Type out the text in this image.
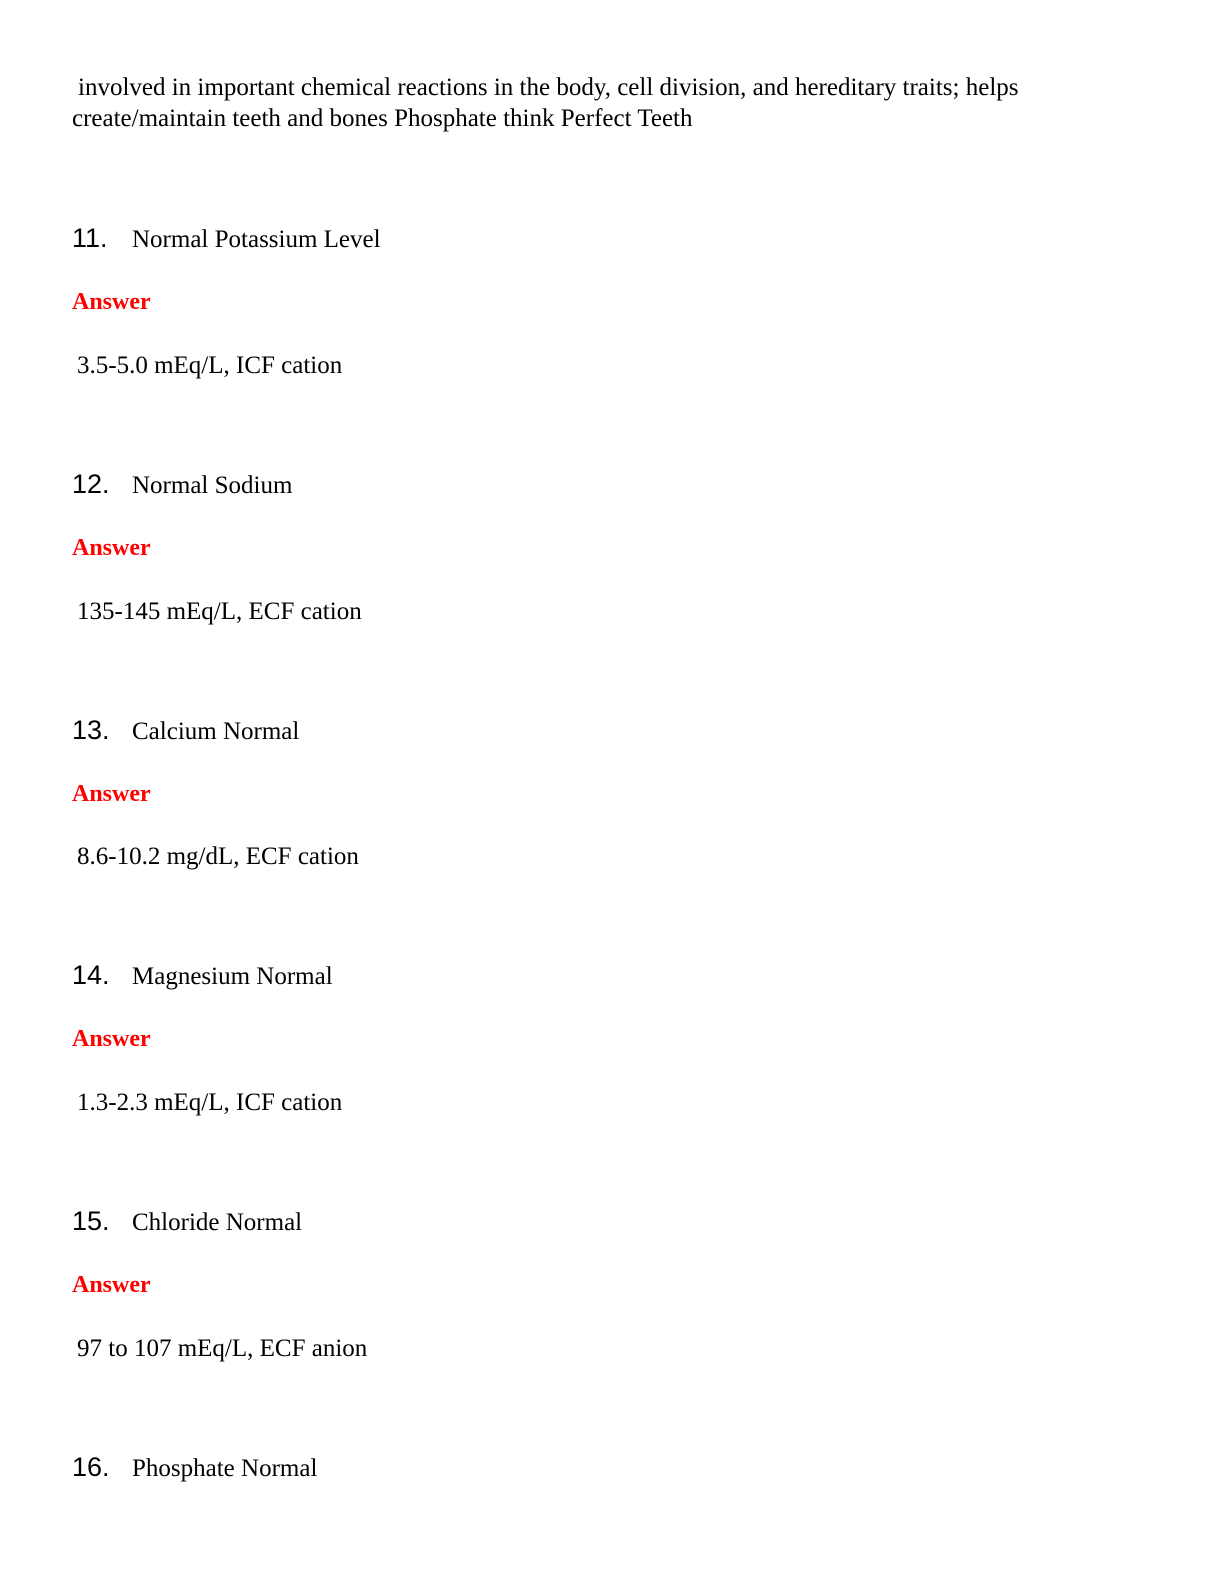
involved in important chemical reactions in the body, cell division, and hereditary traits; helps
create/maintain teeth and bones Phosphate think Perfect Teeth
11. Normal Potassium Level
Answer
3.5-5.0 mEq/L, ICF cation
12. Normal Sodium
Answer
135-145 mEq/L, ECF cation
13. Calcium Normal
Answer
8.6-10.2 mg/dL, ECF cation
14. Magnesium Normal
Answer
1.3-2.3 mEq/L, ICF cation
15. Chloride Normal
Answer
97 to 107 mEq/L, ECF anion
16. Phosphate Normal
